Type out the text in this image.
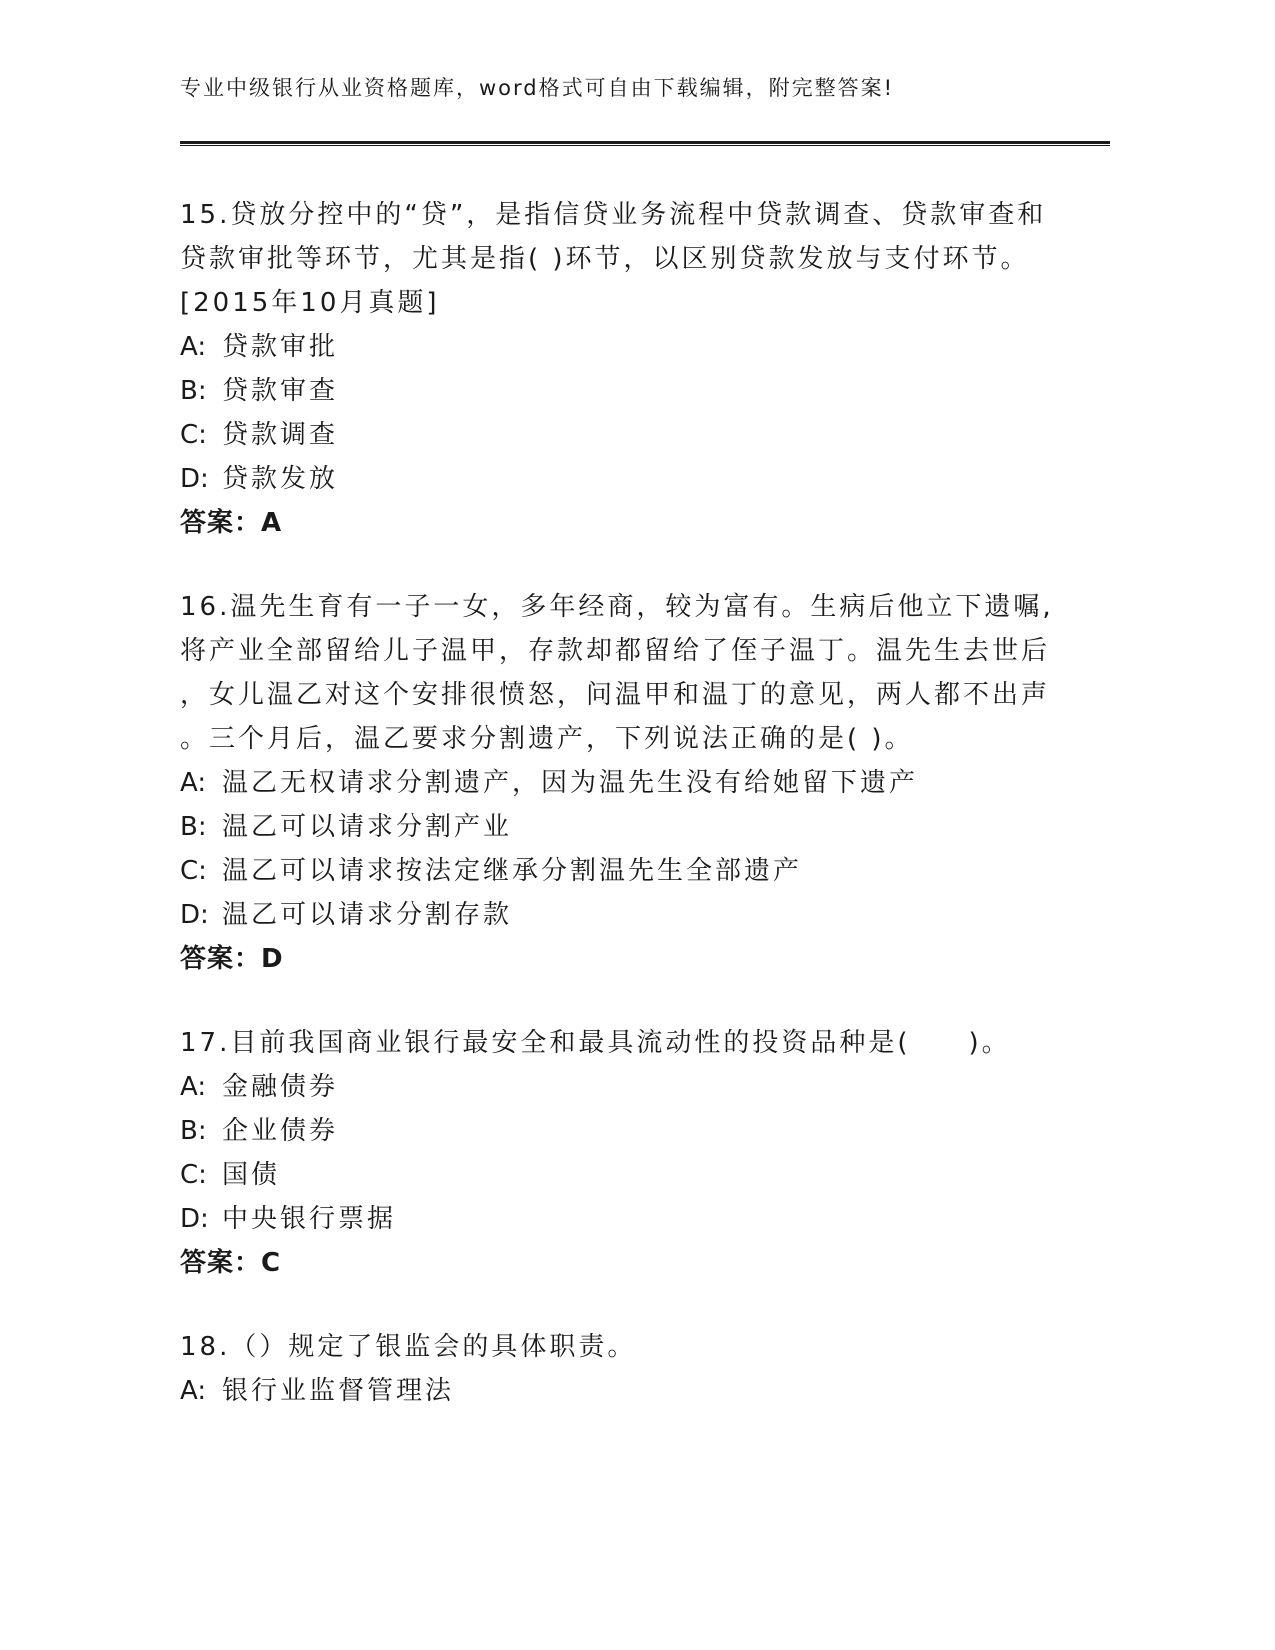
专业中级银行从业资格题库，word格式可自由下载编辑，附完整答案!
15.贷放分控中的“贷”，是指信贷业务流程中贷款调查、贷款审查和
贷款审批等环节，尤其是指( )环节，以区别贷款发放与支付环节。
[2015年10月真题]
A: 贷款审批
B: 贷款审查
C: 贷款调查
D: 贷款发放
答案：A
16.温先生育有一子一女，多年经商，较为富有。生病后他立下遗嘱,
将产业全部留给儿子温甲，存款却都留给了侄子温丁。温先生去世后
，女儿温乙对这个安排很愤怒，问温甲和温丁的意见，两人都不出声
。三个月后，温乙要求分割遗产，下列说法正确的是( )。
A: 温乙无权请求分割遗产，因为温先生没有给她留下遗产
B: 温乙可以请求分割产业
C: 温乙可以请求按法定继承分割温先生全部遗产
D: 温乙可以请求分割存款
答案：D
17.目前我国商业银行最安全和最具流动性的投资品种是(　　)。
A: 金融债券
B: 企业债券
C: 国债
D: 中央银行票据
答案：C
18.（）规定了银监会的具体职责。
A: 银行业监督管理法
